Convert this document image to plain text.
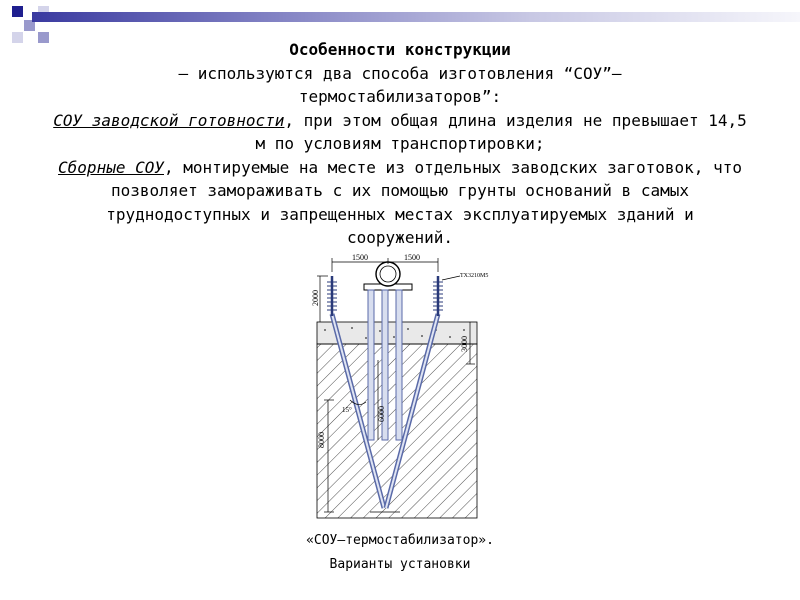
Особенности конструкции

– используются два способа изготовления “СОУ”–

термостабилизаторов”:

СОУ заводской готовности, при этом общая длина изделия не превышает 14,5 м по условиям транспортировки;

Сборные СОУ, монтируемые на месте из отдельных заводских заготовок, что позволяет замораживать с их помощью грунты оснований в самых труднодоступных и запрещенных местах эксплуатируемых зданий и сооружений.

1500	1500
2000
8000
3000
6000
15°
ТХ3210М5
«СОУ–термостабилизатор».
Варианты установки
